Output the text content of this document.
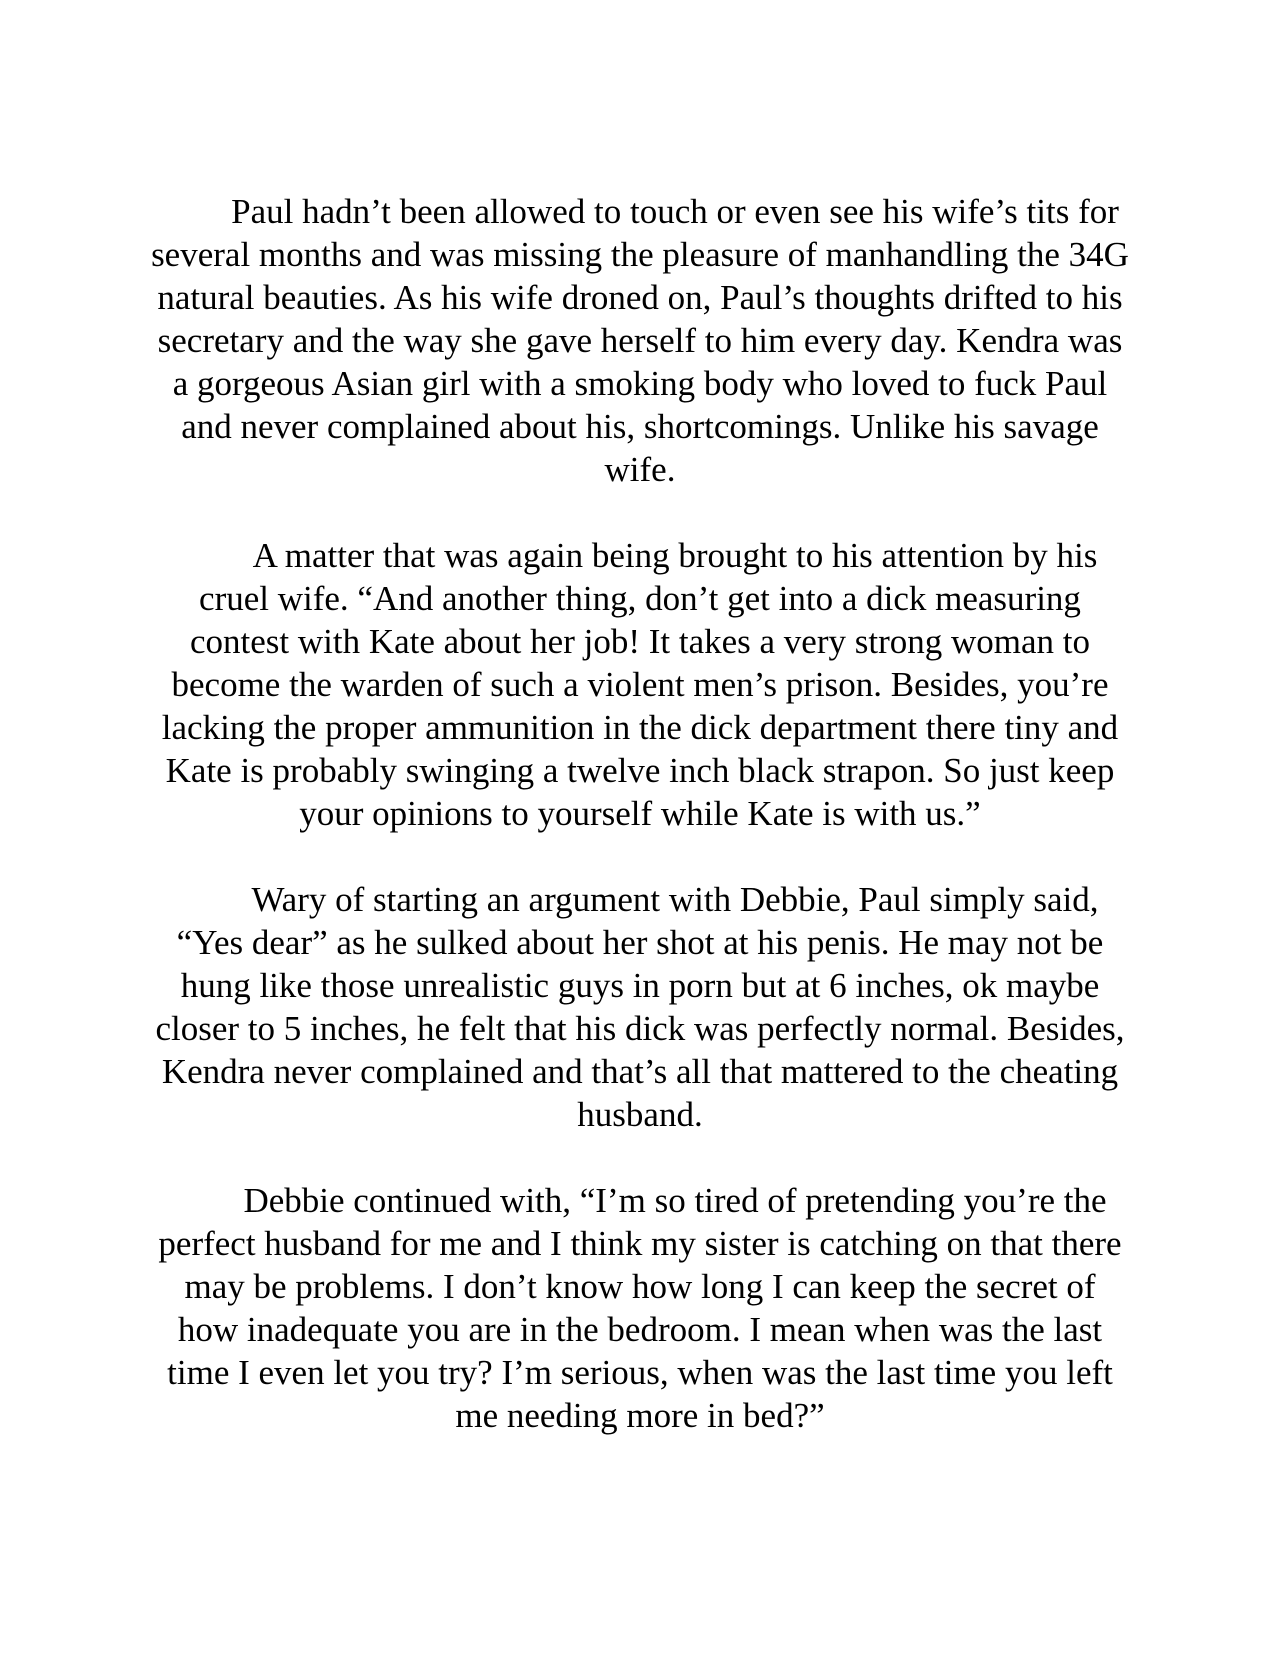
Paul hadn’t been allowed to touch or even see his wife’s tits for several months and was missing the pleasure of manhandling the 34G natural beauties. As his wife droned on, Paul’s thoughts drifted to his secretary and the way she gave herself to him every day. Kendra was a gorgeous Asian girl with a smoking body who loved to fuck Paul and never complained about his, shortcomings. Unlike his savage wife.

A matter that was again being brought to his attention by his cruel wife. “And another thing, don’t get into a dick measuring contest with Kate about her job! It takes a very strong woman to become the warden of such a violent men’s prison. Besides, you’re lacking the proper ammunition in the dick department there tiny and Kate is probably swinging a twelve inch black strapon. So just keep your opinions to yourself while Kate is with us.”

Wary of starting an argument with Debbie, Paul simply said, “Yes dear” as he sulked about her shot at his penis. He may not be hung like those unrealistic guys in porn but at 6 inches, ok maybe closer to 5 inches, he felt that his dick was perfectly normal. Besides, Kendra never complained and that’s all that mattered to the cheating husband.

Debbie continued with, “I’m so tired of pretending you’re the perfect husband for me and I think my sister is catching on that there may be problems. I don’t know how long I can keep the secret of how inadequate you are in the bedroom. I mean when was the last time I even let you try? I’m serious, when was the last time you left me needing more in bed?”
